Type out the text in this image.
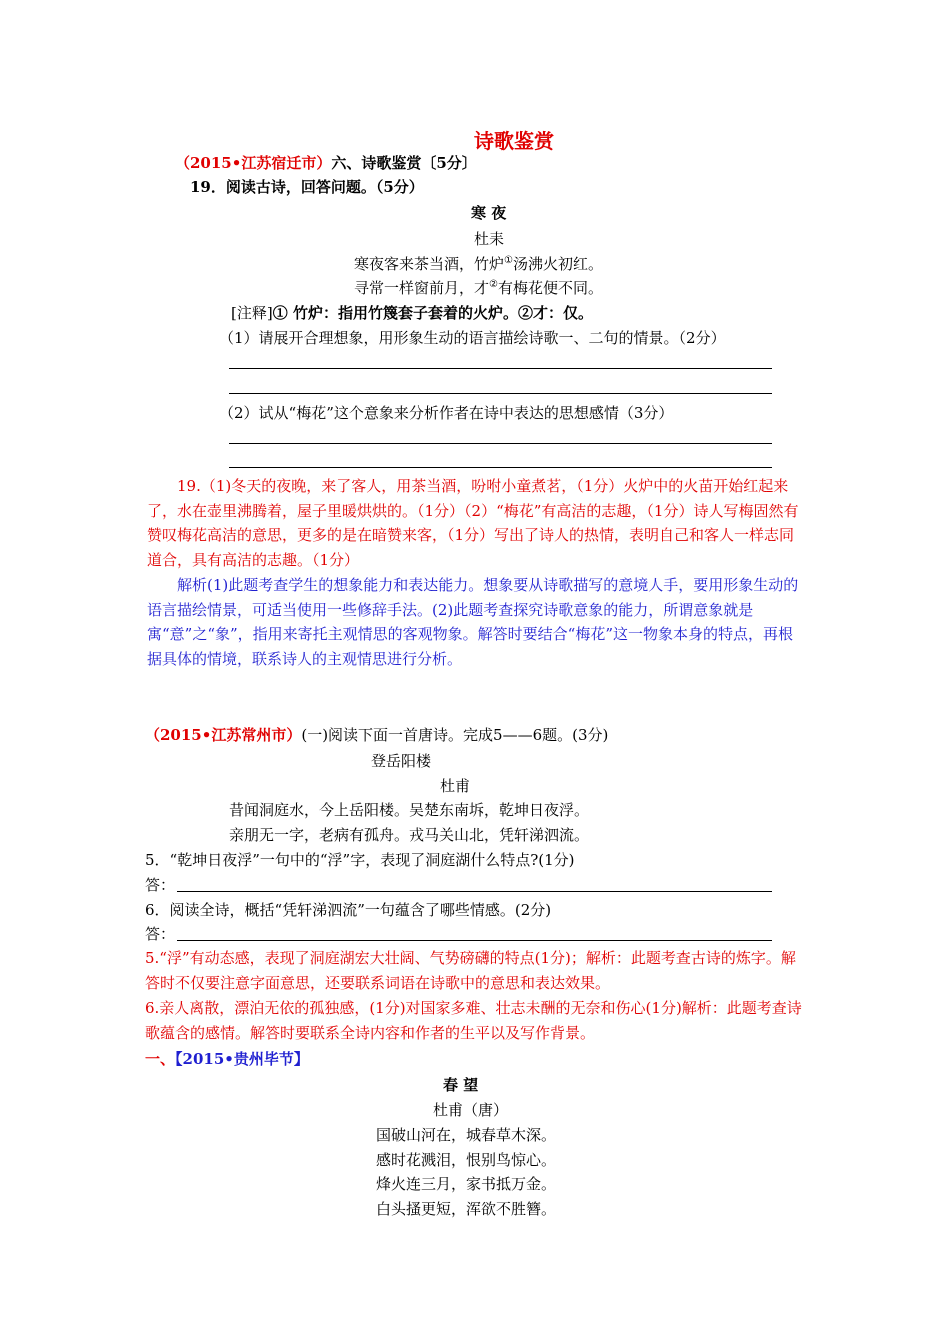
诗歌鉴赏
（2015•江苏宿迁市）六、诗歌鉴赏〔5分〕
19．阅读古诗，回答问题。（5分）
寒 夜
杜耒
寒夜客来茶当酒，竹炉①汤沸火初红。
寻常一样窗前月，才②有梅花便不同。
[注释]① 竹炉：指用竹篾套子套着的火炉。②才：仅。
（1）请展开合理想象，用形象生动的语言描绘诗歌一、二句的情景。（2分）
（2）试从“梅花”这个意象来分析作者在诗中表达的思想感情（3分）
19.（1)冬天的夜晚，来了客人，用茶当酒，吩咐小童煮茗，（1分）火炉中的火苗开始红起来了，水在壶里沸腾着，屋子里暖烘烘的。（1分）（2）“梅花”有高洁的志趣，（1分）诗人写梅固然有赞叹梅花高洁的意思，更多的是在暗赞来客，（1分）写出了诗人的热情，表明自己和客人一样志同道合，具有高洁的志趣。（1分）
解析(1)此题考查学生的想象能力和表达能力。想象要从诗歌描写的意境人手，要用形象生动的语言描绘情景，可适当使用一些修辞手法。(2)此题考查探究诗歌意象的能力，所谓意象就是寓“意”之“象”，指用来寄托主观情思的客观物象。解答时要结合“梅花”这一物象本身的特点，再根据具体的情境，联系诗人的主观情思进行分析。
（2015•江苏常州市）(一)阅读下面一首唐诗。完成5——6题。(3分)
登岳阳楼
杜甫
昔闻洞庭水，今上岳阳楼。吴楚东南坼，乾坤日夜浮。
亲朋无一字，老病有孤舟。戎马关山北，凭轩涕泗流。
5．“乾坤日夜浮”一句中的“浮”字，表现了洞庭湖什么特点?(1分)
答：
6．阅读全诗，概括“凭轩涕泗流”一句蕴含了哪些情感。(2分)
答：
5.“浮”有动态感，表现了洞庭湖宏大壮阔、气势磅礴的特点(1分)；解析：此题考查古诗的炼字。解答时不仅要注意字面意思，还要联系词语在诗歌中的意思和表达效果。
6.亲人离散，漂泊无依的孤独感，(1分)对国家多难、壮志未酬的无奈和伤心(1分)解析：此题考查诗歌蕴含的感情。解答时要联系全诗内容和作者的生平以及写作背景。
一、【2015•贵州毕节】
春 望
杜甫（唐）
国破山河在，城春草木深。
感时花溅泪，恨别鸟惊心。
烽火连三月，家书抵万金。
白头搔更短，浑欲不胜簪。
